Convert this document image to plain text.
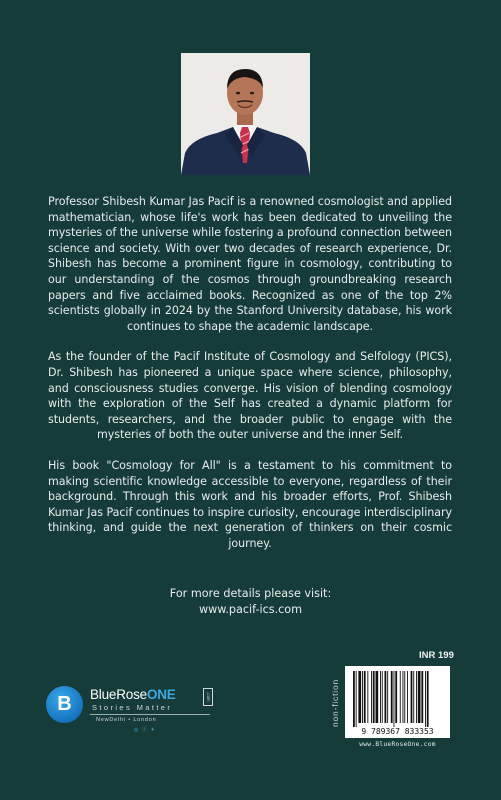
Professor Shibesh Kumar Jas Pacif is a renowned cosmologist and applied mathematician, whose life's work has been dedicated to unveiling the mysteries of the universe while fostering a profound connection between science and society. With over two decades of research experience, Dr. Shibesh has become a prominent figure in cosmology, contributing to our understanding of the cosmos through groundbreaking research papers and five acclaimed books. Recognized as one of the top 2% scientists globally in 2024 by the Stanford University database, his work continues to shape the academic landscape.

As the founder of the Pacif Institute of Cosmology and Selfology (PICS), Dr. Shibesh has pioneered a unique space where science, philosophy, and consciousness studies converge. His vision of blending cosmology with the exploration of the Self has created a dynamic platform for students, researchers, and the broader public to engage with the mysteries of both the outer universe and the inner Self.

His book "Cosmology for All" is a testament to his commitment to making scientific knowledge accessible to everyone, regardless of their background. Through this work and his broader efforts, Prof. Shibesh Kumar Jas Pacif continues to inspire curiosity, encourage interdisciplinary thinking, and guide the next generation of thinkers on their cosmic journey.

For more details please visit:
www.pacif-ics.com
B BlueRoseONE	.com
Stories Matter
NewDelhi • London
◎ ⓕ ✦
INR 199
non-fiction
9 789367 833353
www.BlueRoseOne.com
